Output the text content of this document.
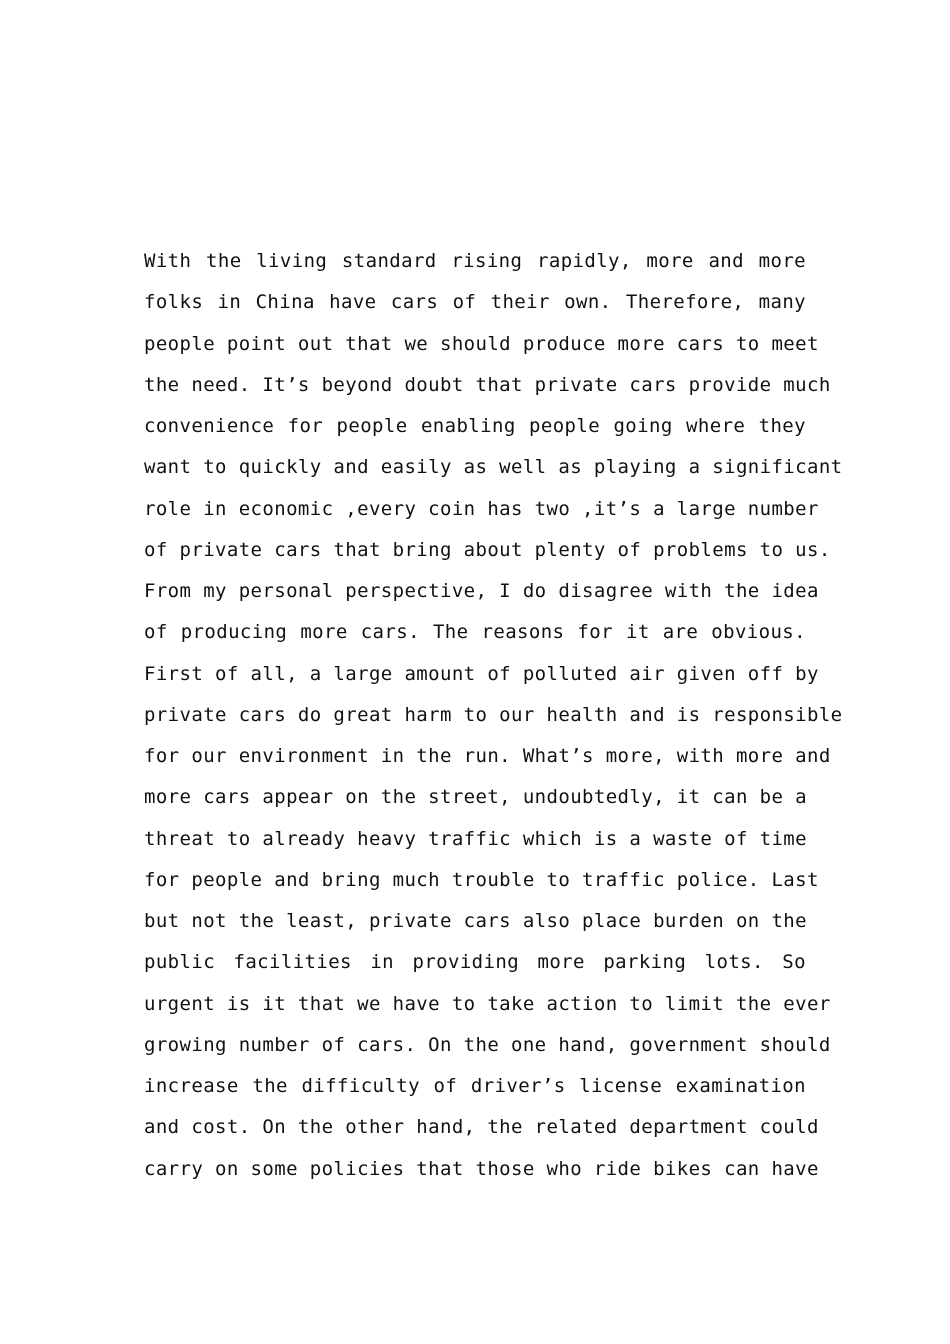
With the living standard rising rapidly, more and more
folks in China have cars of their own. Therefore, many
people point out that we should produce more cars to meet
the need. It’s beyond doubt that private cars provide much
convenience for people enabling people going where they
want to quickly and easily as well as playing a significant
role in economic ,every coin has two ,it’s a large number
of private cars that bring about plenty of problems to us.
From my personal perspective, I do disagree with the idea
of producing more cars. The reasons for it are obvious.
First of all, a large amount of polluted air given off by
private cars do great harm to our health and is responsible
for our environment in the run. What’s more, with more and
more cars appear on the street, undoubtedly, it can be a
threat to already heavy traffic which is a waste of time
for people and bring much trouble to traffic police. Last
but not the least, private cars also place burden on the
public facilities in providing more parking lots. So
urgent is it that we have to take action to limit the ever
growing number of cars. On the one hand, government should
increase the difficulty of driver’s license examination
and cost. On the other hand, the related department could
carry on some policies that those who ride bikes can have
